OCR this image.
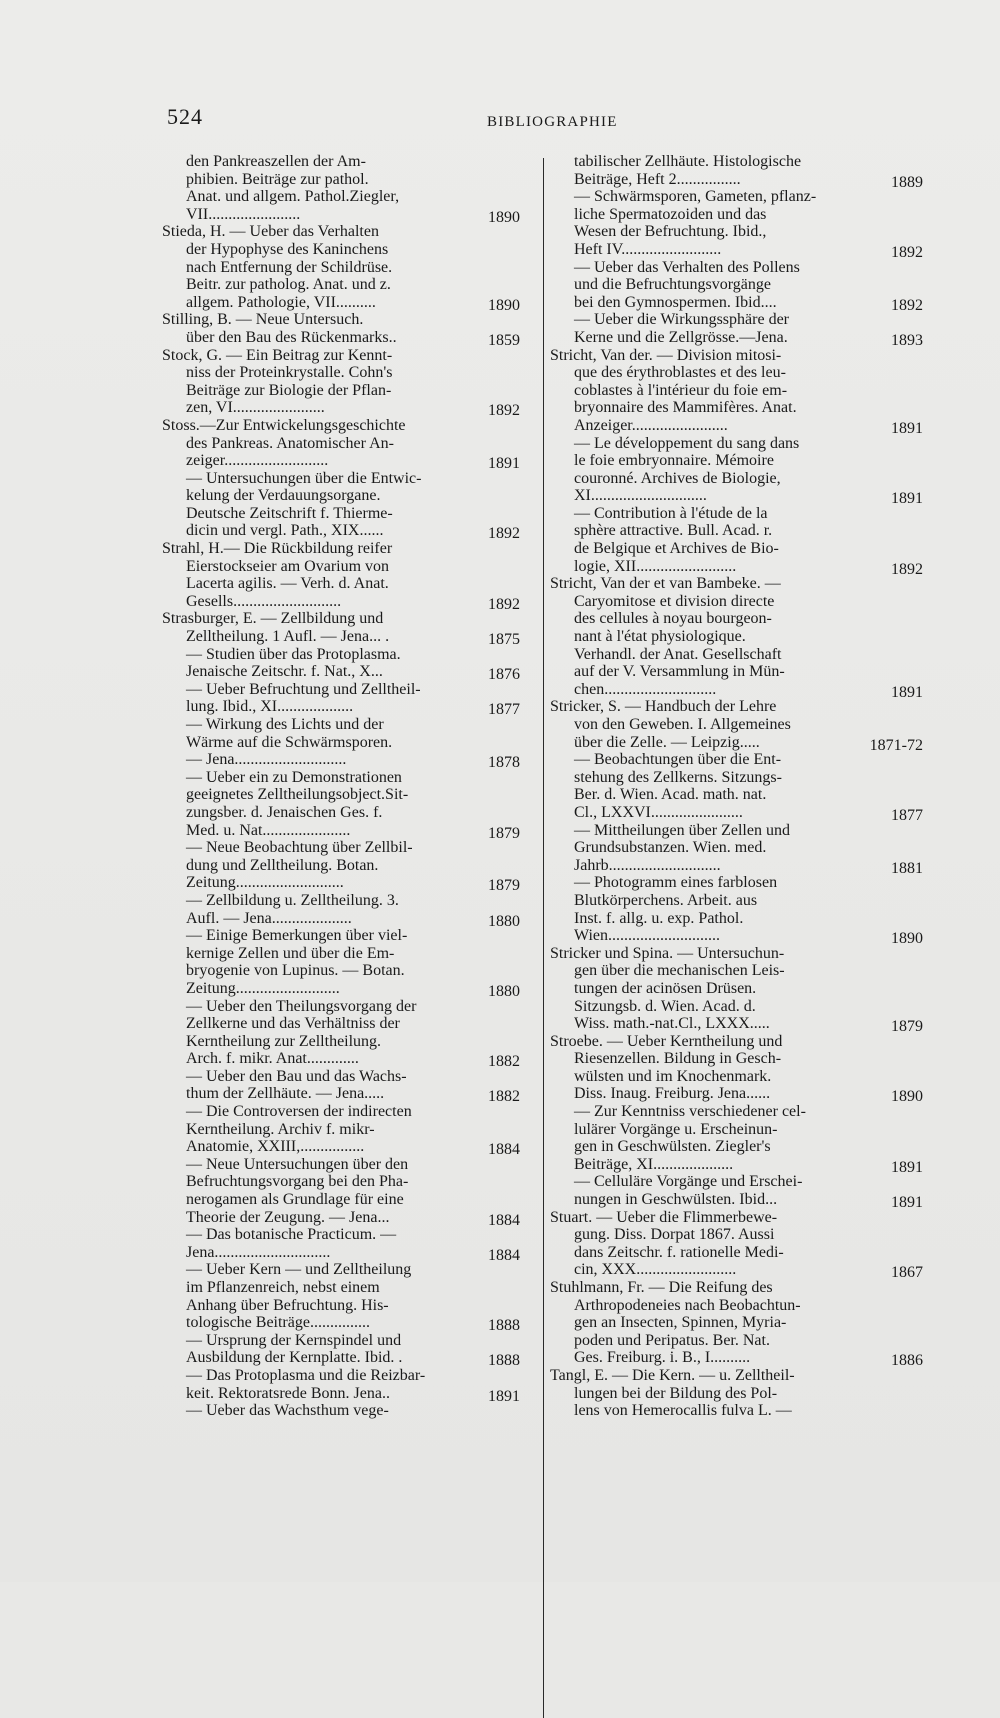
524	BIBLIOGRAPHIE
den Pankreaszellen der Am-
phibien. Beiträge zur pathol.
Anat. und allgem. Pathol.Ziegler,
VII.......................	1890
Stieda, H. — Ueber das Verhalten
der Hypophyse des Kaninchens
nach Entfernung der Schildrüse.
Beitr. zur patholog. Anat. und z.
allgem. Pathologie, VII..........	1890
Stilling, B. — Neue Untersuch.
über den Bau des Rückenmarks..	1859
Stock, G. — Ein Beitrag zur Kennt-
niss der Proteinkrystalle. Cohn's
Beiträge zur Biologie der Pflan-
zen, VI.......................	1892
Stoss.—Zur Entwickelungsgeschichte
des Pankreas. Anatomischer An-
zeiger..........................	1891
— Untersuchungen über die Entwic-
kelung der Verdauungsorgane.
Deutsche Zeitschrift f. Thierme-
dicin und vergl. Path., XIX......	1892
Strahl, H.— Die Rückbildung reifer
Eierstockseier am Ovarium von
Lacerta agilis. — Verh. d. Anat.
Gesells...........................	1892
Strasburger, E. — Zellbildung und
Zelltheilung. 1 Aufl. — Jena... .	1875
— Studien über das Protoplasma.
Jenaische Zeitschr. f. Nat., X...	1876
— Ueber Befruchtung und Zelltheil-
lung. Ibid., XI...................	1877
— Wirkung des Lichts und der
Wärme auf die Schwärmsporen.
— Jena............................	1878
— Ueber ein zu Demonstrationen
geeignetes Zelltheilungsobject.Sit-
zungsber. d. Jenaischen Ges. f.
Med. u. Nat......................	1879
— Neue Beobachtung über Zellbil-
dung und Zelltheilung. Botan.
Zeitung...........................	1879
— Zellbildung u. Zelltheilung. 3.
Aufl. — Jena....................	1880
— Einige Bemerkungen über viel-
kernige Zellen und über die Em-
bryogenie von Lupinus. — Botan.
Zeitung..........................	1880
— Ueber den Theilungsvorgang der
Zellkerne und das Verhältniss der
Kerntheilung zur Zelltheilung.
Arch. f. mikr. Anat.............	1882
— Ueber den Bau und das Wachs-
thum der Zellhäute. — Jena.....	1882
— Die Controversen der indirecten
Kerntheilung. Archiv f. mikr-
Anatomie, XXIII,................	1884
— Neue Untersuchungen über den
Befruchtungsvorgang bei den Pha-
nerogamen als Grundlage für eine
Theorie der Zeugung. — Jena...	1884
— Das botanische Practicum. —
Jena.............................	1884
— Ueber Kern — und Zelltheilung
im Pflanzenreich, nebst einem
Anhang über Befruchtung. His-
tologische Beiträge...............	1888
— Ursprung der Kernspindel und
Ausbildung der Kernplatte. Ibid. .	1888
— Das Protoplasma und die Reizbar-
keit. Rektoratsrede Bonn. Jena..	1891
— Ueber das Wachsthum vege-
tabilischer Zellhäute. Histologische
Beiträge, Heft 2................	1889
— Schwärmsporen, Gameten, pflanz-
liche Spermatozoiden und das
Wesen der Befruchtung. Ibid.,
Heft IV.........................	1892
— Ueber das Verhalten des Pollens
und die Befruchtungsvorgänge
bei den Gymnospermen. Ibid....	1892
— Ueber die Wirkungssphäre der
Kerne und die Zellgrösse.—Jena.	1893
Stricht, Van der. — Division mitosi-
que des érythroblastes et des leu-
coblastes à l'intérieur du foie em-
bryonnaire des Mammifères. Anat.
Anzeiger........................	1891
— Le développement du sang dans
le foie embryonnaire. Mémoire
couronné. Archives de Biologie,
XI.............................	1891
— Contribution à l'étude de la
sphère attractive. Bull. Acad. r.
de Belgique et Archives de Bio-
logie, XII.........................	1892
Stricht, Van der et van Bambeke. —
Caryomitose et division directe
des cellules à noyau bourgeon-
nant à l'état physiologique.
Verhandl. der Anat. Gesellschaft
auf der V. Versammlung in Mün-
chen............................	1891
Stricker, S. — Handbuch der Lehre
von den Geweben. I. Allgemeines
über die Zelle. — Leipzig.....	1871-72
— Beobachtungen über die Ent-
stehung des Zellkerns. Sitzungs-
Ber. d. Wien. Acad. math. nat.
Cl., LXXVI.......................	1877
— Mittheilungen über Zellen und
Grundsubstanzen. Wien. med.
Jahrb............................	1881
— Photogramm eines farblosen
Blutkörperchens. Arbeit. aus
Inst. f. allg. u. exp. Pathol.
Wien............................	1890
Stricker und Spina. — Untersuchun-
gen über die mechanischen Leis-
tungen der acinösen Drüsen.
Sitzungsb. d. Wien. Acad. d.
Wiss. math.-nat.Cl., LXXX.....	1879
Stroebe. — Ueber Kerntheilung und
Riesenzellen. Bildung in Gesch-
wülsten und im Knochenmark.
Diss. Inaug. Freiburg. Jena......	1890
— Zur Kenntniss verschiedener cel-
lulärer Vorgänge u. Erscheinun-
gen in Geschwülsten. Ziegler's
Beiträge, XI....................	1891
— Celluläre Vorgänge und Erschei-
nungen in Geschwülsten. Ibid...	1891
Stuart. — Ueber die Flimmerbewe-
gung. Diss. Dorpat 1867. Aussi
dans Zeitschr. f. rationelle Medi-
cin, XXX.........................	1867
Stuhlmann, Fr. — Die Reifung des
Arthropodeneies nach Beobachtun-
gen an Insecten, Spinnen, Myria-
poden und Peripatus. Ber. Nat.
Ges. Freiburg. i. B., I..........	1886
Tangl, E. — Die Kern. — u. Zelltheil-
lungen bei der Bildung des Pol-
lens von Hemerocallis fulva L. —
